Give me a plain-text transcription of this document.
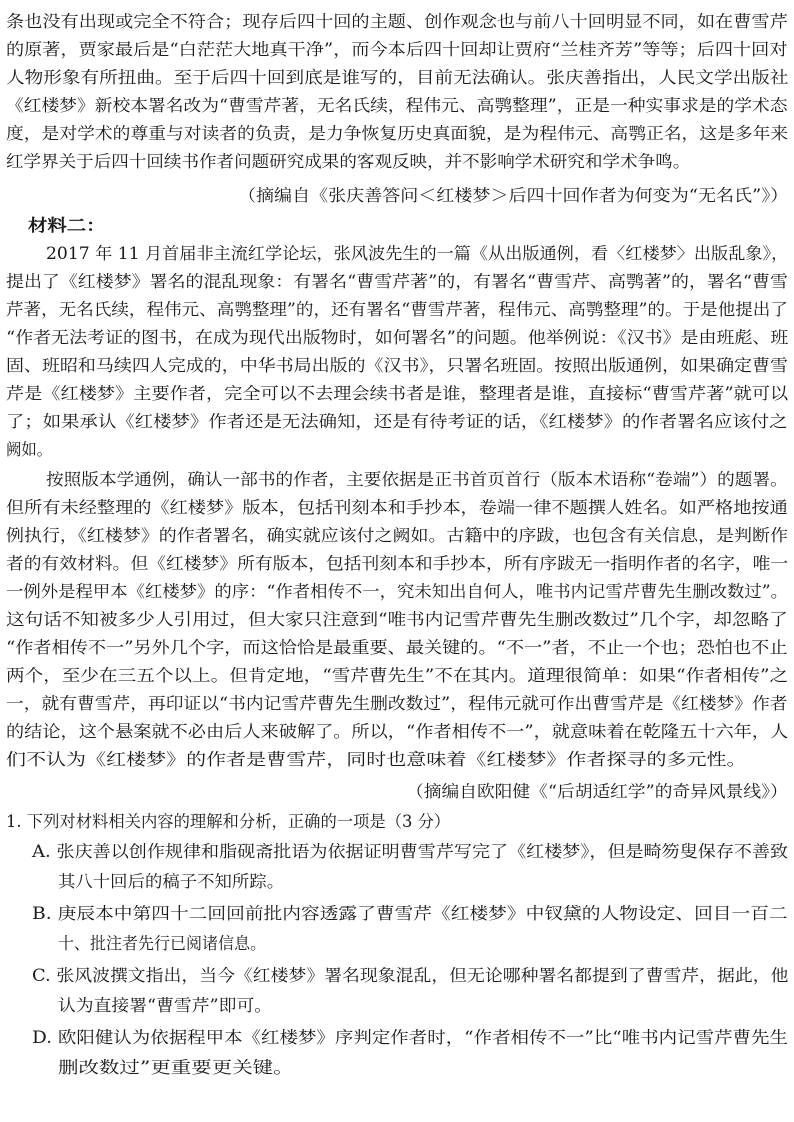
条也没有出现或完全不符合；现存后四十回的主题、创作观念也与前八十回明显不同，如在曹雪芹
的原著，贾家最后是“白茫茫大地真干净”，而今本后四十回却让贾府“兰桂齐芳”等等；后四十回对
人物形象有所扭曲。至于后四十回到底是谁写的，目前无法确认。张庆善指出，人民文学出版社
《红楼梦》新校本署名改为“曹雪芹著，无名氏续，程伟元、高鹗整理”，正是一种实事求是的学术态
度，是对学术的尊重与对读者的负责，是力争恢复历史真面貌，是为程伟元、高鹗正名，这是多年来
红学界关于后四十回续书作者问题研究成果的客观反映，并不影响学术研究和学术争鸣。
（摘编自《张庆善答问＜红楼梦＞后四十回作者为何变为“无名氏”》）
材料二：
2017 年 11 月首届非主流红学论坛，张风波先生的一篇《从出版通例，看〈红楼梦〉出版乱象》，
提出了《红楼梦》署名的混乱现象：有署名“曹雪芹著”的，有署名“曹雪芹、高鹗著”的，署名“曹雪
芹著，无名氏续，程伟元、高鹗整理”的，还有署名“曹雪芹著，程伟元、高鹗整理”的。于是他提出了
“作者无法考证的图书，在成为现代出版物时，如何署名”的问题。他举例说：《汉书》是由班彪、班
固、班昭和马续四人完成的，中华书局出版的《汉书》，只署名班固。按照出版通例，如果确定曹雪
芹是《红楼梦》主要作者，完全可以不去理会续书者是谁，整理者是谁，直接标“曹雪芹著”就可以
了；如果承认《红楼梦》作者还是无法确知，还是有待考证的话，《红楼梦》的作者署名应该付之
阙如。
按照版本学通例，确认一部书的作者，主要依据是正书首页首行（版本术语称“卷端”）的题署。
但所有未经整理的《红楼梦》版本，包括刊刻本和手抄本，卷端一律不题撰人姓名。如严格地按通
例执行，《红楼梦》的作者署名，确实就应该付之阙如。古籍中的序跋，也包含有关信息，是判断作
者的有效材料。但《红楼梦》所有版本，包括刊刻本和手抄本，所有序跋无一指明作者的名字，唯一
一例外是程甲本《红楼梦》的序：“作者相传不一，究未知出自何人，唯书内记雪芹曹先生删改数过”。
这句话不知被多少人引用过，但大家只注意到“唯书内记雪芹曹先生删改数过”几个字，却忽略了
“作者相传不一”另外几个字，而这恰恰是最重要、最关键的。“不一”者，不止一个也；恐怕也不止
两个，至少在三五个以上。但肯定地，“雪芹曹先生”不在其内。道理很简单：如果“作者相传”之
一，就有曹雪芹，再印证以“书内记雪芹曹先生删改数过”，程伟元就可作出曹雪芹是《红楼梦》作者
的结论，这个悬案就不必由后人来破解了。所以，“作者相传不一”，就意味着在乾隆五十六年，人
们不认为《红楼梦》的作者是曹雪芹，同时也意味着《红楼梦》作者探寻的多元性。
（摘编自欧阳健《“后胡适红学”的奇异风景线》）
1. 下列对材料相关内容的理解和分析，正确的一项是（3 分）
A. 张庆善以创作规律和脂砚斋批语为依据证明曹雪芹写完了《红楼梦》，但是畸笏叟保存不善致
其八十回后的稿子不知所踪。
B. 庚辰本中第四十二回回前批内容透露了曹雪芹《红楼梦》中钗黛的人物设定、回目一百二
十、批注者先行已阅诸信息。
C. 张风波撰文指出，当今《红楼梦》署名现象混乱，但无论哪种署名都提到了曹雪芹，据此，他
认为直接署“曹雪芹”即可。
D. 欧阳健认为依据程甲本《红楼梦》序判定作者时，“作者相传不一”比“唯书内记雪芹曹先生
删改数过”更重要更关键。
